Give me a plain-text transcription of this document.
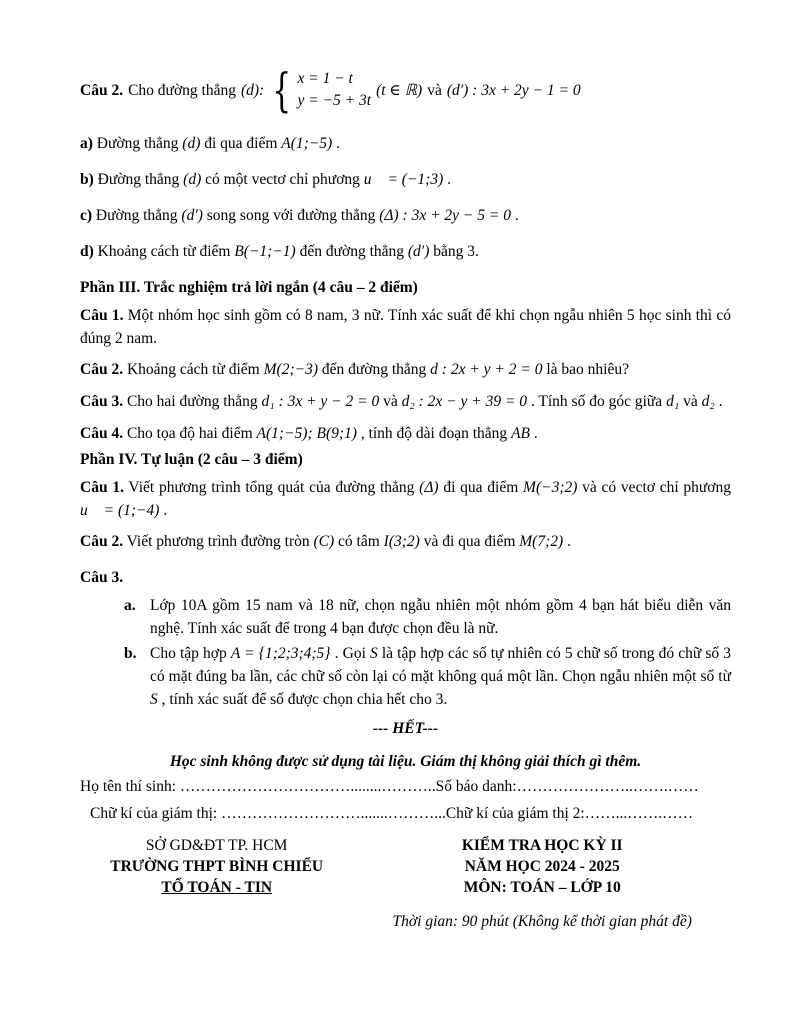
Câu 2. Cho đường thẳng (d): { x = 1 − t
y = −5 + 3t
(t ∈ ℝ) và (d′) : 3x + 2y − 1 = 0
a) Đường thẳng (d) đi qua điểm A(1;−5) .
b) Đường thẳng (d) có một vectơ chỉ phương u⃗ = (−1;3) .
c) Đường thẳng (d′) song song với đường thẳng (Δ) : 3x + 2y − 5 = 0 .
d) Khoảng cách từ điểm B(−1;−1) đến đường thẳng (d′) bằng 3.
Phần III. Trắc nghiệm trả lời ngắn (4 câu – 2 điểm)
Câu 1. Một nhóm học sinh gồm có 8 nam, 3 nữ. Tính xác suất để khi chọn ngẫu nhiên 5 học sinh thì có đúng 2 nam.
Câu 2. Khoảng cách từ điểm M(2;−3) đến đường thẳng d : 2x + y + 2 = 0 là bao nhiêu?
Câu 3. Cho hai đường thẳng d₁ : 3x + y − 2 = 0 và d₂ : 2x − y + 39 = 0 . Tính số đo góc giữa d₁ và d₂ .
Câu 4. Cho tọa độ hai điểm A(1;−5); B(9;1) , tính độ dài đoạn thẳng AB .
Phần IV. Tự luận (2 câu – 3 điểm)
Câu 1. Viết phương trình tổng quát của đường thẳng (Δ) đi qua điểm M(−3;2) và có vectơ chỉ phương u⃗ = (1;−4) .
Câu 2. Viết phương trình đường tròn (C) có tâm I(3;2) và đi qua điểm M(7;2) .
Câu 3.
a. Lớp 10A gồm 15 nam và 18 nữ, chọn ngẫu nhiên một nhóm gồm 4 bạn hát biểu diễn văn nghệ. Tính xác suất để trong 4 bạn được chọn đều là nữ.
b. Cho tập hợp A = {1;2;3;4;5} . Gọi S là tập hợp các số tự nhiên có 5 chữ số trong đó chữ số 3 có mặt đúng ba lần, các chữ số còn lại có mặt không quá một lần. Chọn ngẫu nhiên một số từ S , tính xác suất để số được chọn chia hết cho 3.
--- HẾT---
Học sinh không được sử dụng tài liệu. Giám thị không giải thích gì thêm.
Họ tên thí sinh: ……………………………........………..Số báo danh:…………………..…….……
Chữ kí của giám thị: ……………………….......………...Chữ kí của giám thị 2:……...…….……
SỞ GD&ĐT TP. HCM
TRƯỜNG THPT BÌNH CHIỂU
TỔ TOÁN - TIN
KIỂM TRA HỌC KỲ II
NĂM HỌC 2024 - 2025
MÔN: TOÁN – LỚP 10
Thời gian: 90 phút (Không kể thời gian phát đề)
